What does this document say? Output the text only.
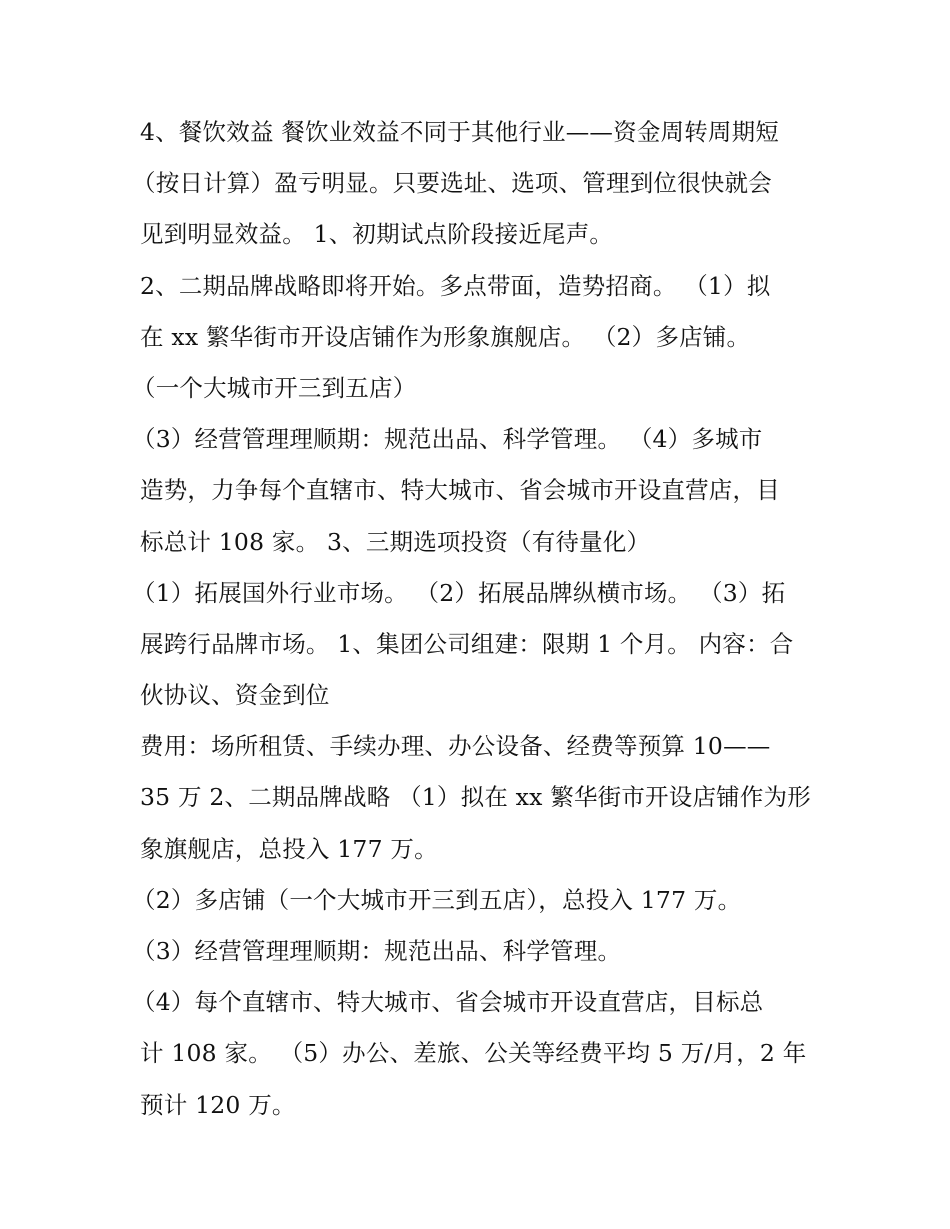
4、餐饮效益 餐饮业效益不同于其他行业——资金周转周期短
（按日计算）盈亏明显。只要选址、选项、管理到位很快就会
见到明显效益。 1、初期试点阶段接近尾声。
2、二期品牌战略即将开始。多点带面，造势招商。 （1）拟
在 xx 繁华街市开设店铺作为形象旗舰店。 （2）多店铺。
（一个大城市开三到五店）
（3）经营管理理顺期：规范出品、科学管理。 （4）多城市
造势，力争每个直辖市、特大城市、省会城市开设直营店，目
标总计 108 家。 3、三期选项投资（有待量化）
（1）拓展国外行业市场。 （2）拓展品牌纵横市场。 （3）拓
展跨行品牌市场。 1、集团公司组建：限期 1 个月。 内容：合
伙协议、资金到位
费用：场所租赁、手续办理、办公设备、经费等预算 10——
35 万 2、二期品牌战略 （1）拟在 xx 繁华街市开设店铺作为形
象旗舰店，总投入 177 万。
（2）多店铺（一个大城市开三到五店），总投入 177 万。
（3）经营管理理顺期：规范出品、科学管理。
（4）每个直辖市、特大城市、省会城市开设直营店，目标总
计 108 家。 （5）办公、差旅、公关等经费平均 5 万/月，2 年
预计 120 万。
